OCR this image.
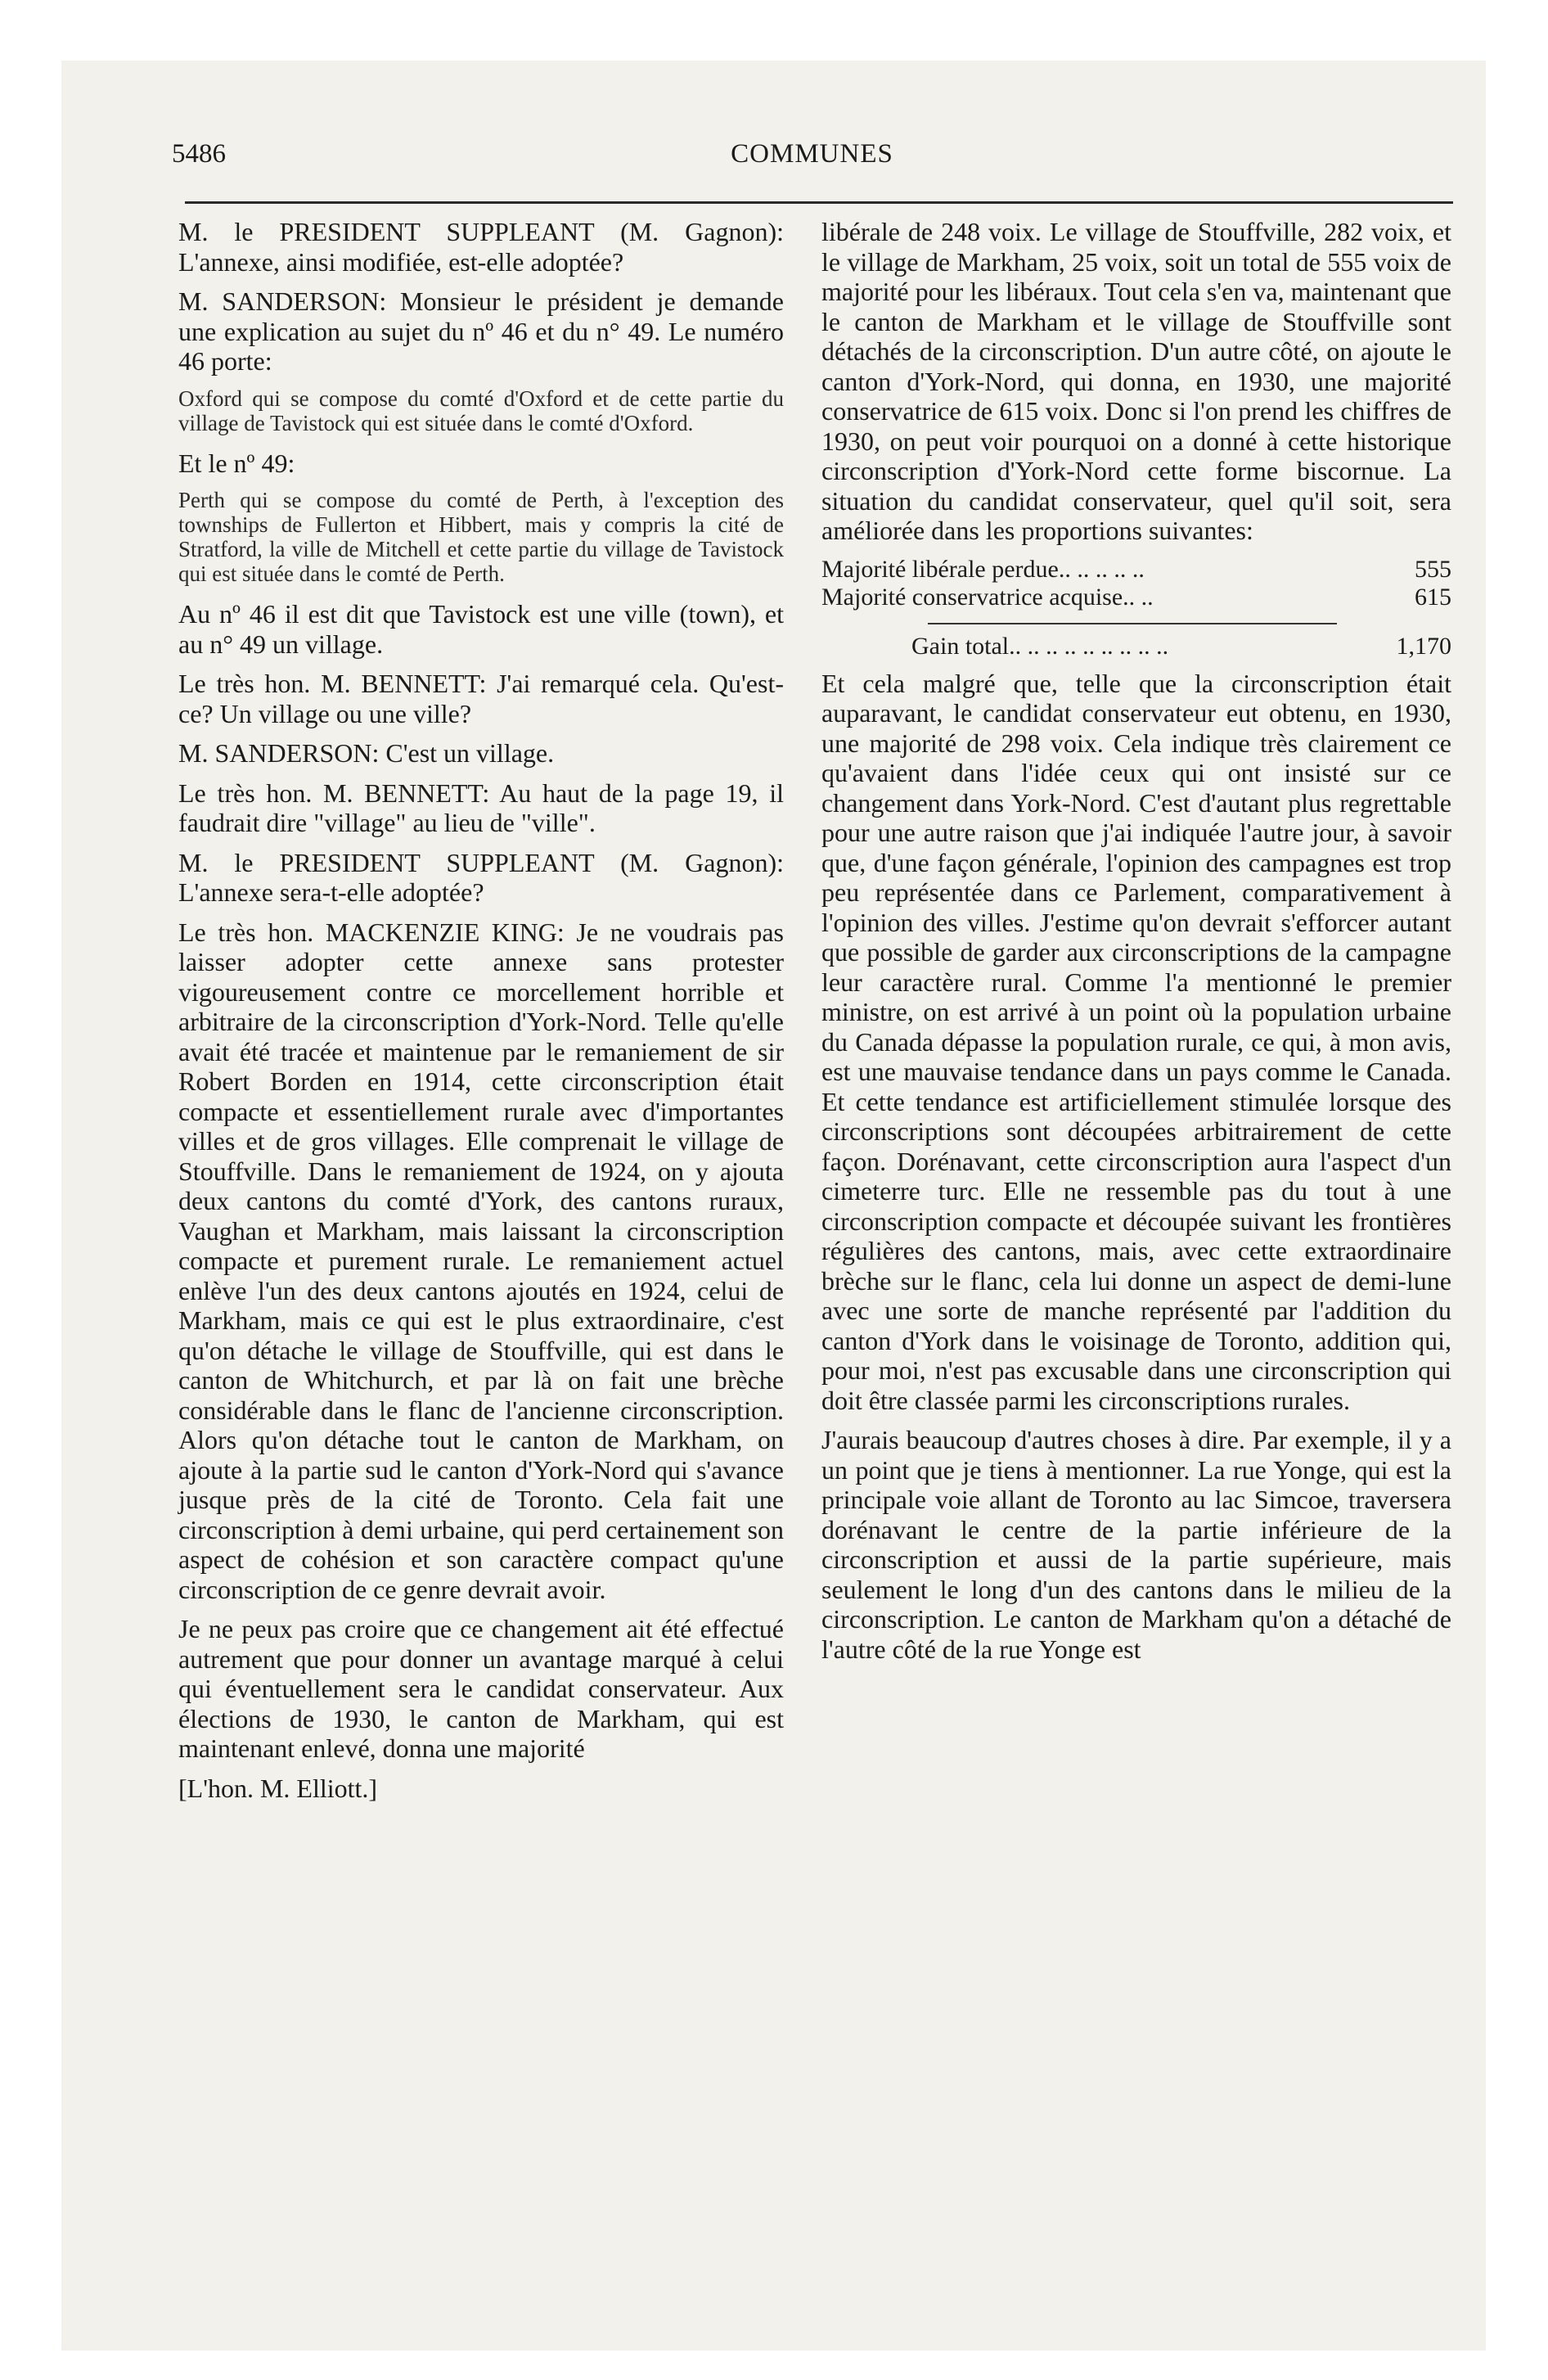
5486	COMMUNES

M. le PRESIDENT SUPPLEANT (M. Gagnon): L'annexe, ainsi modifiée, est-elle adoptée?

M. SANDERSON: Monsieur le président je demande une explication au sujet du nº 46 et du n° 49. Le numéro 46 porte:

Oxford qui se compose du comté d'Oxford et de cette partie du village de Tavistock qui est située dans le comté d'Oxford.

Et le nº 49:

Perth qui se compose du comté de Perth, à l'exception des townships de Fullerton et Hibbert, mais y compris la cité de Stratford, la ville de Mitchell et cette partie du village de Tavistock qui est située dans le comté de Perth.

Au nº 46 il est dit que Tavistock est une ville (town), et au n° 49 un village.

Le très hon. M. BENNETT: J'ai remarqué cela. Qu'est-ce? Un village ou une ville?

M. SANDERSON: C'est un village.

Le très hon. M. BENNETT: Au haut de la page 19, il faudrait dire "village" au lieu de "ville".

M. le PRESIDENT SUPPLEANT (M. Gagnon): L'annexe sera-t-elle adoptée?

Le très hon. MACKENZIE KING: Je ne voudrais pas laisser adopter cette annexe sans protester vigoureusement contre ce morcellement horrible et arbitraire de la circonscription d'York-Nord. Telle qu'elle avait été tracée et maintenue par le remaniement de sir Robert Borden en 1914, cette circonscription était compacte et essentiellement rurale avec d'importantes villes et de gros villages. Elle comprenait le village de Stouffville. Dans le remaniement de 1924, on y ajouta deux cantons du comté d'York, des cantons ruraux, Vaughan et Markham, mais laissant la circonscription compacte et purement rurale. Le remaniement actuel enlève l'un des deux cantons ajoutés en 1924, celui de Markham, mais ce qui est le plus extraordinaire, c'est qu'on détache le village de Stouffville, qui est dans le canton de Whitchurch, et par là on fait une brèche considérable dans le flanc de l'ancienne circonscription. Alors qu'on détache tout le canton de Markham, on ajoute à la partie sud le canton d'York-Nord qui s'avance jusque près de la cité de Toronto. Cela fait une circonscription à demi urbaine, qui perd certainement son aspect de cohésion et son caractère compact qu'une circonscription de ce genre devrait avoir.

Je ne peux pas croire que ce changement ait été effectué autrement que pour donner un avantage marqué à celui qui éventuellement sera le candidat conservateur. Aux élections de 1930, le canton de Markham, qui est maintenant enlevé, donna une majorité

[L'hon. M. Elliott.]

libérale de 248 voix. Le village de Stouffville, 282 voix, et le village de Markham, 25 voix, soit un total de 555 voix de majorité pour les libéraux. Tout cela s'en va, maintenant que le canton de Markham et le village de Stouffville sont détachés de la circonscription. D'un autre côté, on ajoute le canton d'York-Nord, qui donna, en 1930, une majorité conservatrice de 615 voix. Donc si l'on prend les chiffres de 1930, on peut voir pourquoi on a donné à cette historique circonscription d'York-Nord cette forme biscornue. La situation du candidat conservateur, quel qu'il soit, sera améliorée dans les proportions suivantes:

Majorité libérale perdue.. .. .. .. ..	555
Majorité conservatrice acquise.. ..	615
Gain total.. .. .. .. .. .. .. .. ..	1,170

Et cela malgré que, telle que la circonscription était auparavant, le candidat conservateur eut obtenu, en 1930, une majorité de 298 voix. Cela indique très clairement ce qu'avaient dans l'idée ceux qui ont insisté sur ce changement dans York-Nord. C'est d'autant plus regrettable pour une autre raison que j'ai indiquée l'autre jour, à savoir que, d'une façon générale, l'opinion des campagnes est trop peu représentée dans ce Parlement, comparativement à l'opinion des villes. J'estime qu'on devrait s'efforcer autant que possible de garder aux circonscriptions de la campagne leur caractère rural. Comme l'a mentionné le premier ministre, on est arrivé à un point où la population urbaine du Canada dépasse la population rurale, ce qui, à mon avis, est une mauvaise tendance dans un pays comme le Canada. Et cette tendance est artificiellement stimulée lorsque des circonscriptions sont découpées arbitrairement de cette façon. Dorénavant, cette circonscription aura l'aspect d'un cimeterre turc. Elle ne ressemble pas du tout à une circonscription compacte et découpée suivant les frontières régulières des cantons, mais, avec cette extraordinaire brèche sur le flanc, cela lui donne un aspect de demi-lune avec une sorte de manche représenté par l'addition du canton d'York dans le voisinage de Toronto, addition qui, pour moi, n'est pas excusable dans une circonscription qui doit être classée parmi les circonscriptions rurales.

J'aurais beaucoup d'autres choses à dire. Par exemple, il y a un point que je tiens à mentionner. La rue Yonge, qui est la principale voie allant de Toronto au lac Simcoe, traversera dorénavant le centre de la partie inférieure de la circonscription et aussi de la partie supérieure, mais seulement le long d'un des cantons dans le milieu de la circonscription. Le canton de Markham qu'on a détaché de l'autre côté de la rue Yonge est
